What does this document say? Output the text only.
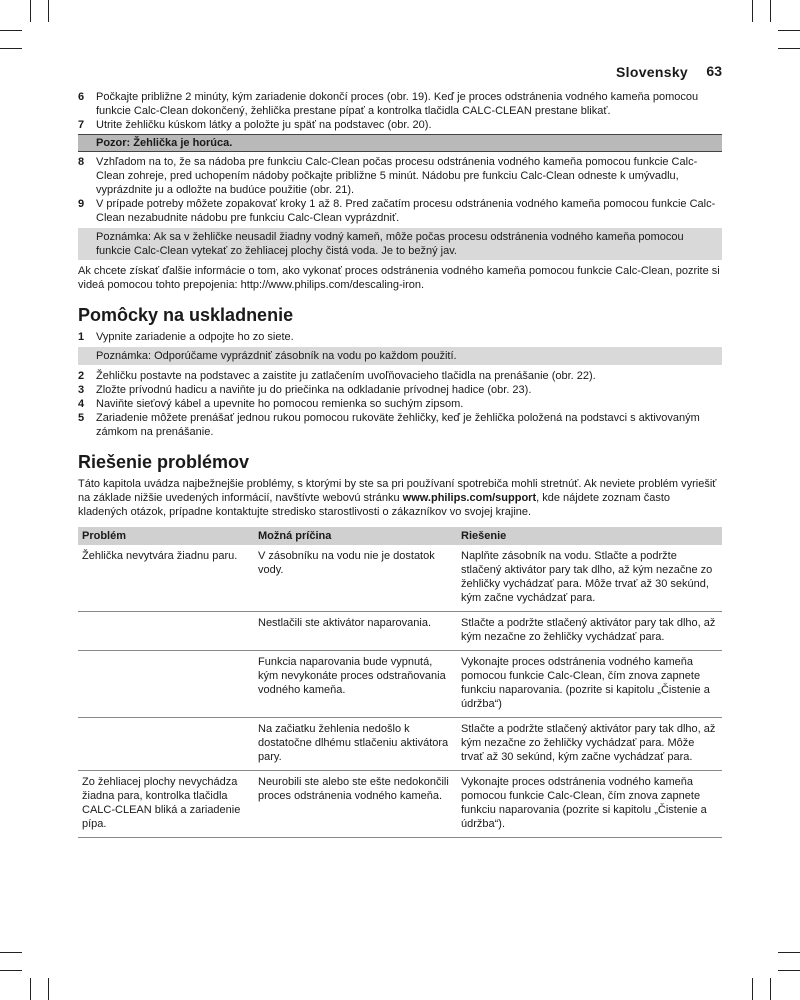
Slovensky 63
6 Počkajte približne 2 minúty, kým zariadenie dokončí proces (obr. 19). Keď je proces odstránenia vodného kameňa pomocou funkcie Calc-Clean dokončený, žehlička prestane pípať a kontrolka tlačidla CALC-CLEAN prestane blikať.
7 Utrite žehličku kúskom látky a položte ju späť na podstavec (obr. 20).
Pozor: Žehlička je horúca.
8 Vzhľadom na to, že sa nádoba pre funkciu Calc-Clean počas procesu odstránenia vodného kameňa pomocou funkcie Calc-Clean zohreje, pred uchopením nádoby počkajte približne 5 minút. Nádobu pre funkciu Calc-Clean odneste k umývadlu, vyprázdnite ju a odložte na budúce použitie (obr. 21).
9 V prípade potreby môžete zopakovať kroky 1 až 8. Pred začatím procesu odstránenia vodného kameňa pomocou funkcie Calc-Clean nezabudnite nádobu pre funkciu Calc-Clean vyprázdniť.
Poznámka: Ak sa v žehličke neusadil žiadny vodný kameň, môže počas procesu odstránenia vodného kameňa pomocou funkcie Calc-Clean vytekať zo žehliacej plochy čistá voda. Je to bežný jav.

Ak chcete získať ďalšie informácie o tom, ako vykonať proces odstránenia vodného kameňa pomocou funkcie Calc-Clean, pozrite si videá pomocou tohto prepojenia: http://www.philips.com/descaling-iron.

Pomôcky na uskladnenie
1 Vypnite zariadenie a odpojte ho zo siete.
Poznámka: Odporúčame vyprázdniť zásobník na vodu po každom použití.
2 Žehličku postavte na podstavec a zaistite ju zatlačením uvoľňovacieho tlačidla na prenášanie (obr. 22).
3 Zložte prívodnú hadicu a naviňte ju do priečinka na odkladanie prívodnej hadice (obr. 23).
4 Naviňte sieťový kábel a upevnite ho pomocou remienka so suchým zipsom.
5 Zariadenie môžete prenášať jednou rukou pomocou rukoväte žehličky, keď je žehlička položená na podstavci s aktivovaným zámkom na prenášanie.
Riešenie problémov

Táto kapitola uvádza najbežnejšie problémy, s ktorými by ste sa pri používaní spotrebiča mohli stretnúť. Ak neviete problém vyriešiť na základe nižšie uvedených informácií, navštívte webovú stránku www.philips.com/support, kde nájdete zoznam často kladených otázok, prípadne kontaktujte stredisko starostlivosti o zákazníkov vo svojej krajine.

Problém	Možná príčina	Riešenie
Žehlička nevytvára žiadnu paru.	V zásobníku na vodu nie je dostatok vody.	Naplňte zásobník na vodu. Stlačte a podržte stlačený aktivátor pary tak dlho, až kým nezačne zo žehličky vychádzať para. Môže trvať až 30 sekúnd, kým začne vychádzať para.
	Nestlačili ste aktivátor naparovania.	Stlačte a podržte stlačený aktivátor pary tak dlho, až kým nezačne zo žehličky vychádzať para.
	Funkcia naparovania bude vypnutá, kým nevykonáte proces odstraňovania vodného kameňa.	Vykonajte proces odstránenia vodného kameňa pomocou funkcie Calc-Clean, čím znova zapnete funkciu naparovania. (pozrite si kapitolu „Čistenie a údržba“)
	Na začiatku žehlenia nedošlo k dostatočne dlhému stlačeniu aktivátora pary.	Stlačte a podržte stlačený aktivátor pary tak dlho, až kým nezačne zo žehličky vychádzať para. Môže trvať až 30 sekúnd, kým začne vychádzať para.
Zo žehliacej plochy nevychádza žiadna para, kontrolka tlačidla CALC-CLEAN bliká a zariadenie pípa.	Neurobili ste alebo ste ešte nedokončili proces odstránenia vodného kameňa.	Vykonajte proces odstránenia vodného kameňa pomocou funkcie Calc-Clean, čím znova zapnete funkciu naparovania (pozrite si kapitolu „Čistenie a údržba“).
